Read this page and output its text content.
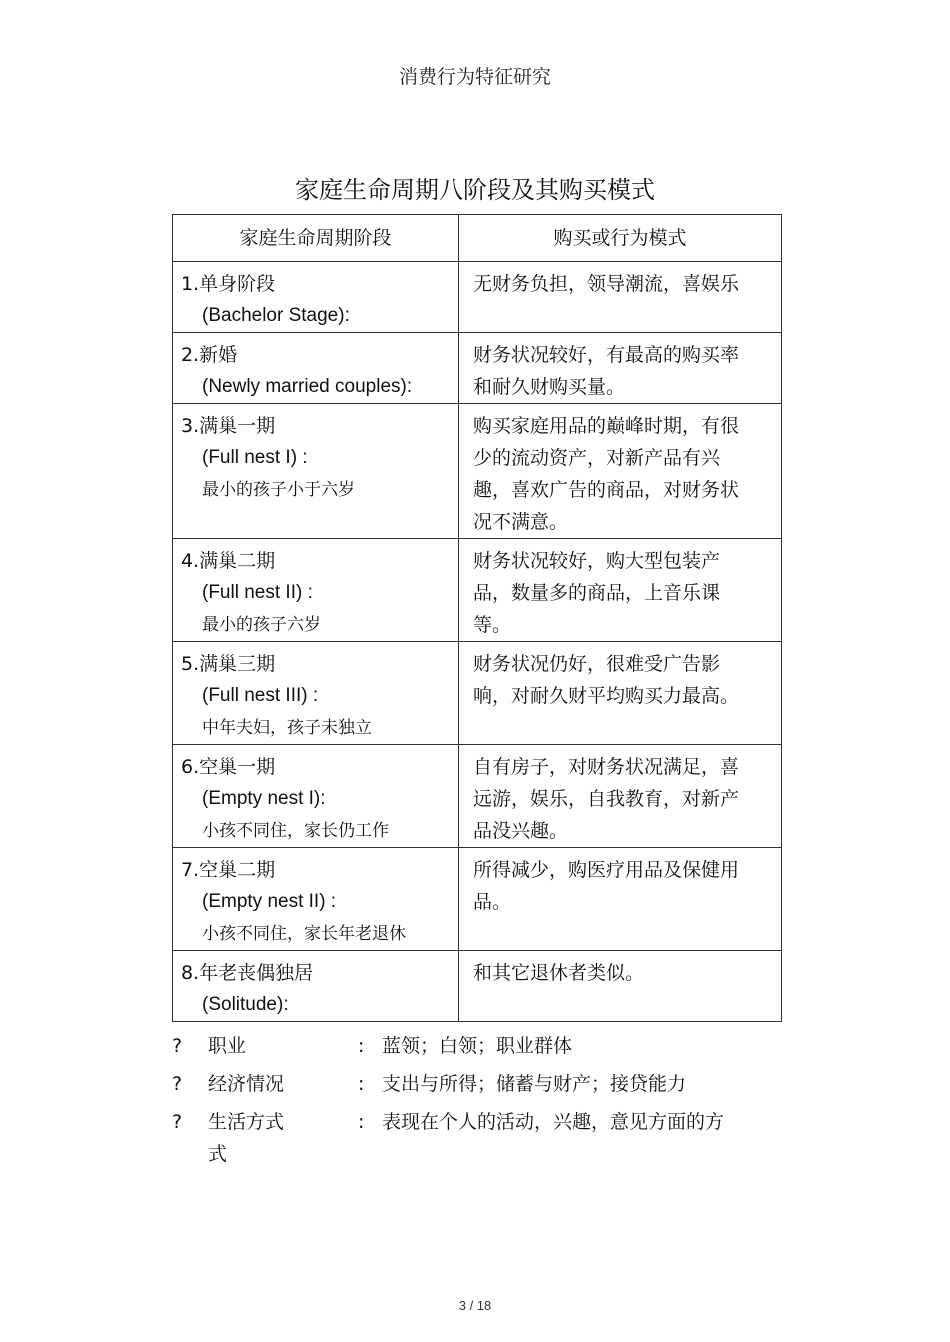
消费行为特征研究
家庭生命周期八阶段及其购买模式
家庭生命周期阶段	购买或行为模式

1.单身阶段
(Bachelor Stage):	无财务负担，领导潮流，喜娱乐

2.新婚
(Newly married couples):	财务状况较好，有最高的购买率和耐久财购买量。

3.满巢一期
(Full nest I) :
最小的孩子小于六岁	购买家庭用品的巅峰时期，有很少的流动资产，对新产品有兴趣，喜欢广告的商品，对财务状况不满意。

4.满巢二期
(Full nest II) :
最小的孩子六岁	财务状况较好，购大型包装产品，数量多的商品，上音乐课等。

5.满巢三期
(Full nest III) :
中年夫妇，孩子未独立	财务状况仍好，很难受广告影响，对耐久财平均购买力最高。

6.空巢一期
(Empty nest I):
小孩不同住，家长仍工作	自有房子，对财务状况满足，喜远游，娱乐，自我教育，对新产品没兴趣。

7.空巢二期
(Empty nest II) :
小孩不同住，家长年老退休	所得减少，购医疗用品及保健用品。

8.年老丧偶独居
(Solitude):	和其它退休者类似。
? 职业	: 蓝领；白领；职业群体
? 经济情况	: 支出与所得；储蓄与财产；接贷能力
? 生活方式	: 表现在个人的活动，兴趣，意见方面的方
式
3 / 18
